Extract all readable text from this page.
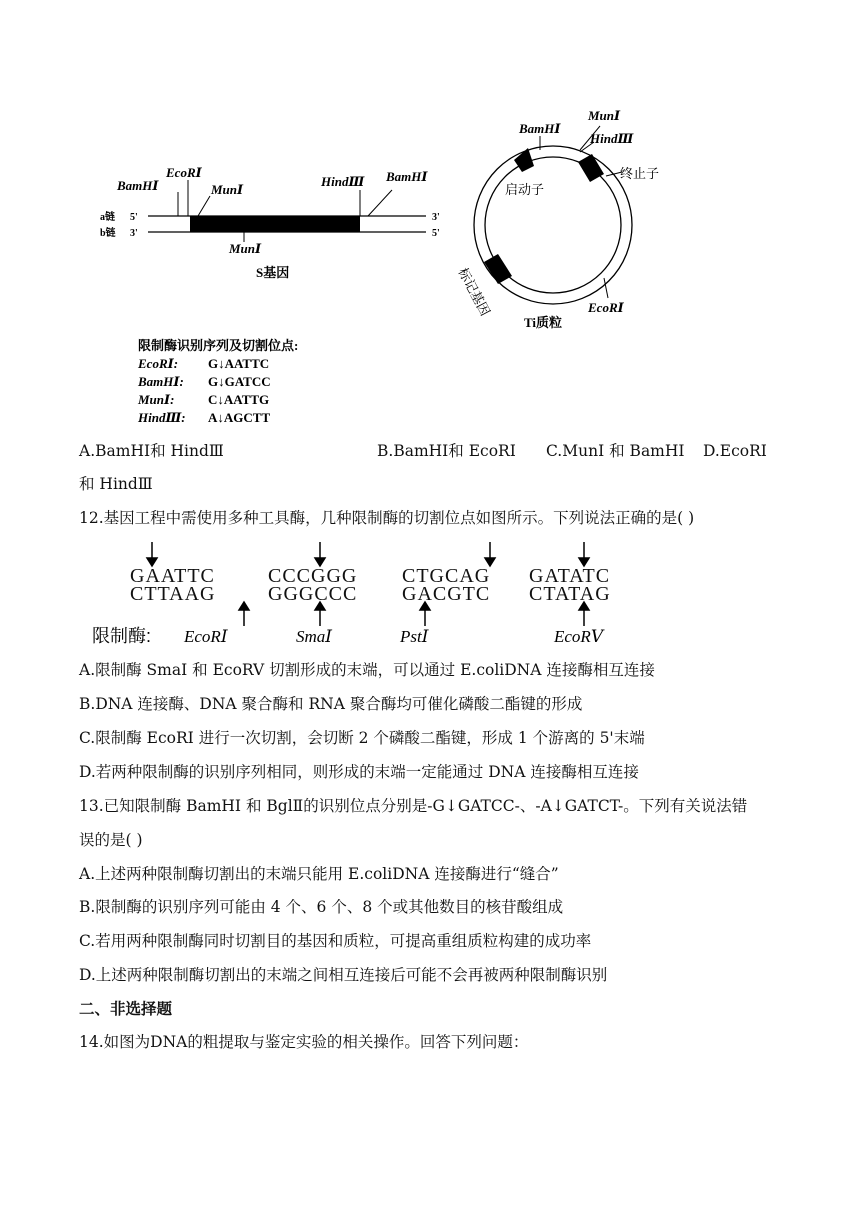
a链
b链
5'
3'
3'
5'
BamHⅠ
EcoRⅠ
MunⅠ
HindⅢ BamHⅠ
MunⅠ
S基因
MunⅠ
BamHⅠ
HindⅢ
终止子
启动子
标记基因	EcoRⅠ
Ti质粒
限制酶识别序列及切割位点:
EcoRⅠ: G↓AATTC
BamHⅠ: G↓GATCC
MunⅠ:	C↓AATTG
HindⅢ: A↓AGCTT
A.BamHⅠ和 HindⅢ	B.BamHⅠ和 EcoRⅠ C.MunI 和 BamHⅠ D.EcoRⅠ
和 HindⅢ
12.基因工程中需使用多种工具酶，几种限制酶的切割位点如图所示。下列说法正确的是( )
GAATTC
CTTAAG
CCCGGG
GGGCCC
CTGCAG
GACGTC
GATATC
CTATAG
限制酶: EcoRⅠ	SmaⅠ	PstⅠ	EcoRⅤ
A.限制酶 SmaI 和 EcoRV 切割形成的末端，可以通过 E.coliDNA 连接酶相互连接
B.DNA 连接酶、DNA 聚合酶和 RNA 聚合酶均可催化磷酸二酯键的形成
C.限制酶 EcoRI 进行一次切割，会切断 2 个磷酸二酯键，形成 1 个游离的 5'末端
D.若两种限制酶的识别序列相同，则形成的末端一定能通过 DNA 连接酶相互连接
13.已知限制酶 BamHI 和 BglⅡ的识别位点分别是-G↓GATCC-、-A↓GATCT-。下列有关说法错
误的是( )
A.上述两种限制酶切割出的末端只能用 E.coliDNA 连接酶进行“缝合”
B.限制酶的识别序列可能由 4 个、6 个、8 个或其他数目的核苷酸组成
C.若用两种限制酶同时切割目的基因和质粒，可提高重组质粒构建的成功率
D.上述两种限制酶切割出的末端之间相互连接后可能不会再被两种限制酶识别
二、非选择题
14.如图为DNA的粗提取与鉴定实验的相关操作。回答下列问题：
